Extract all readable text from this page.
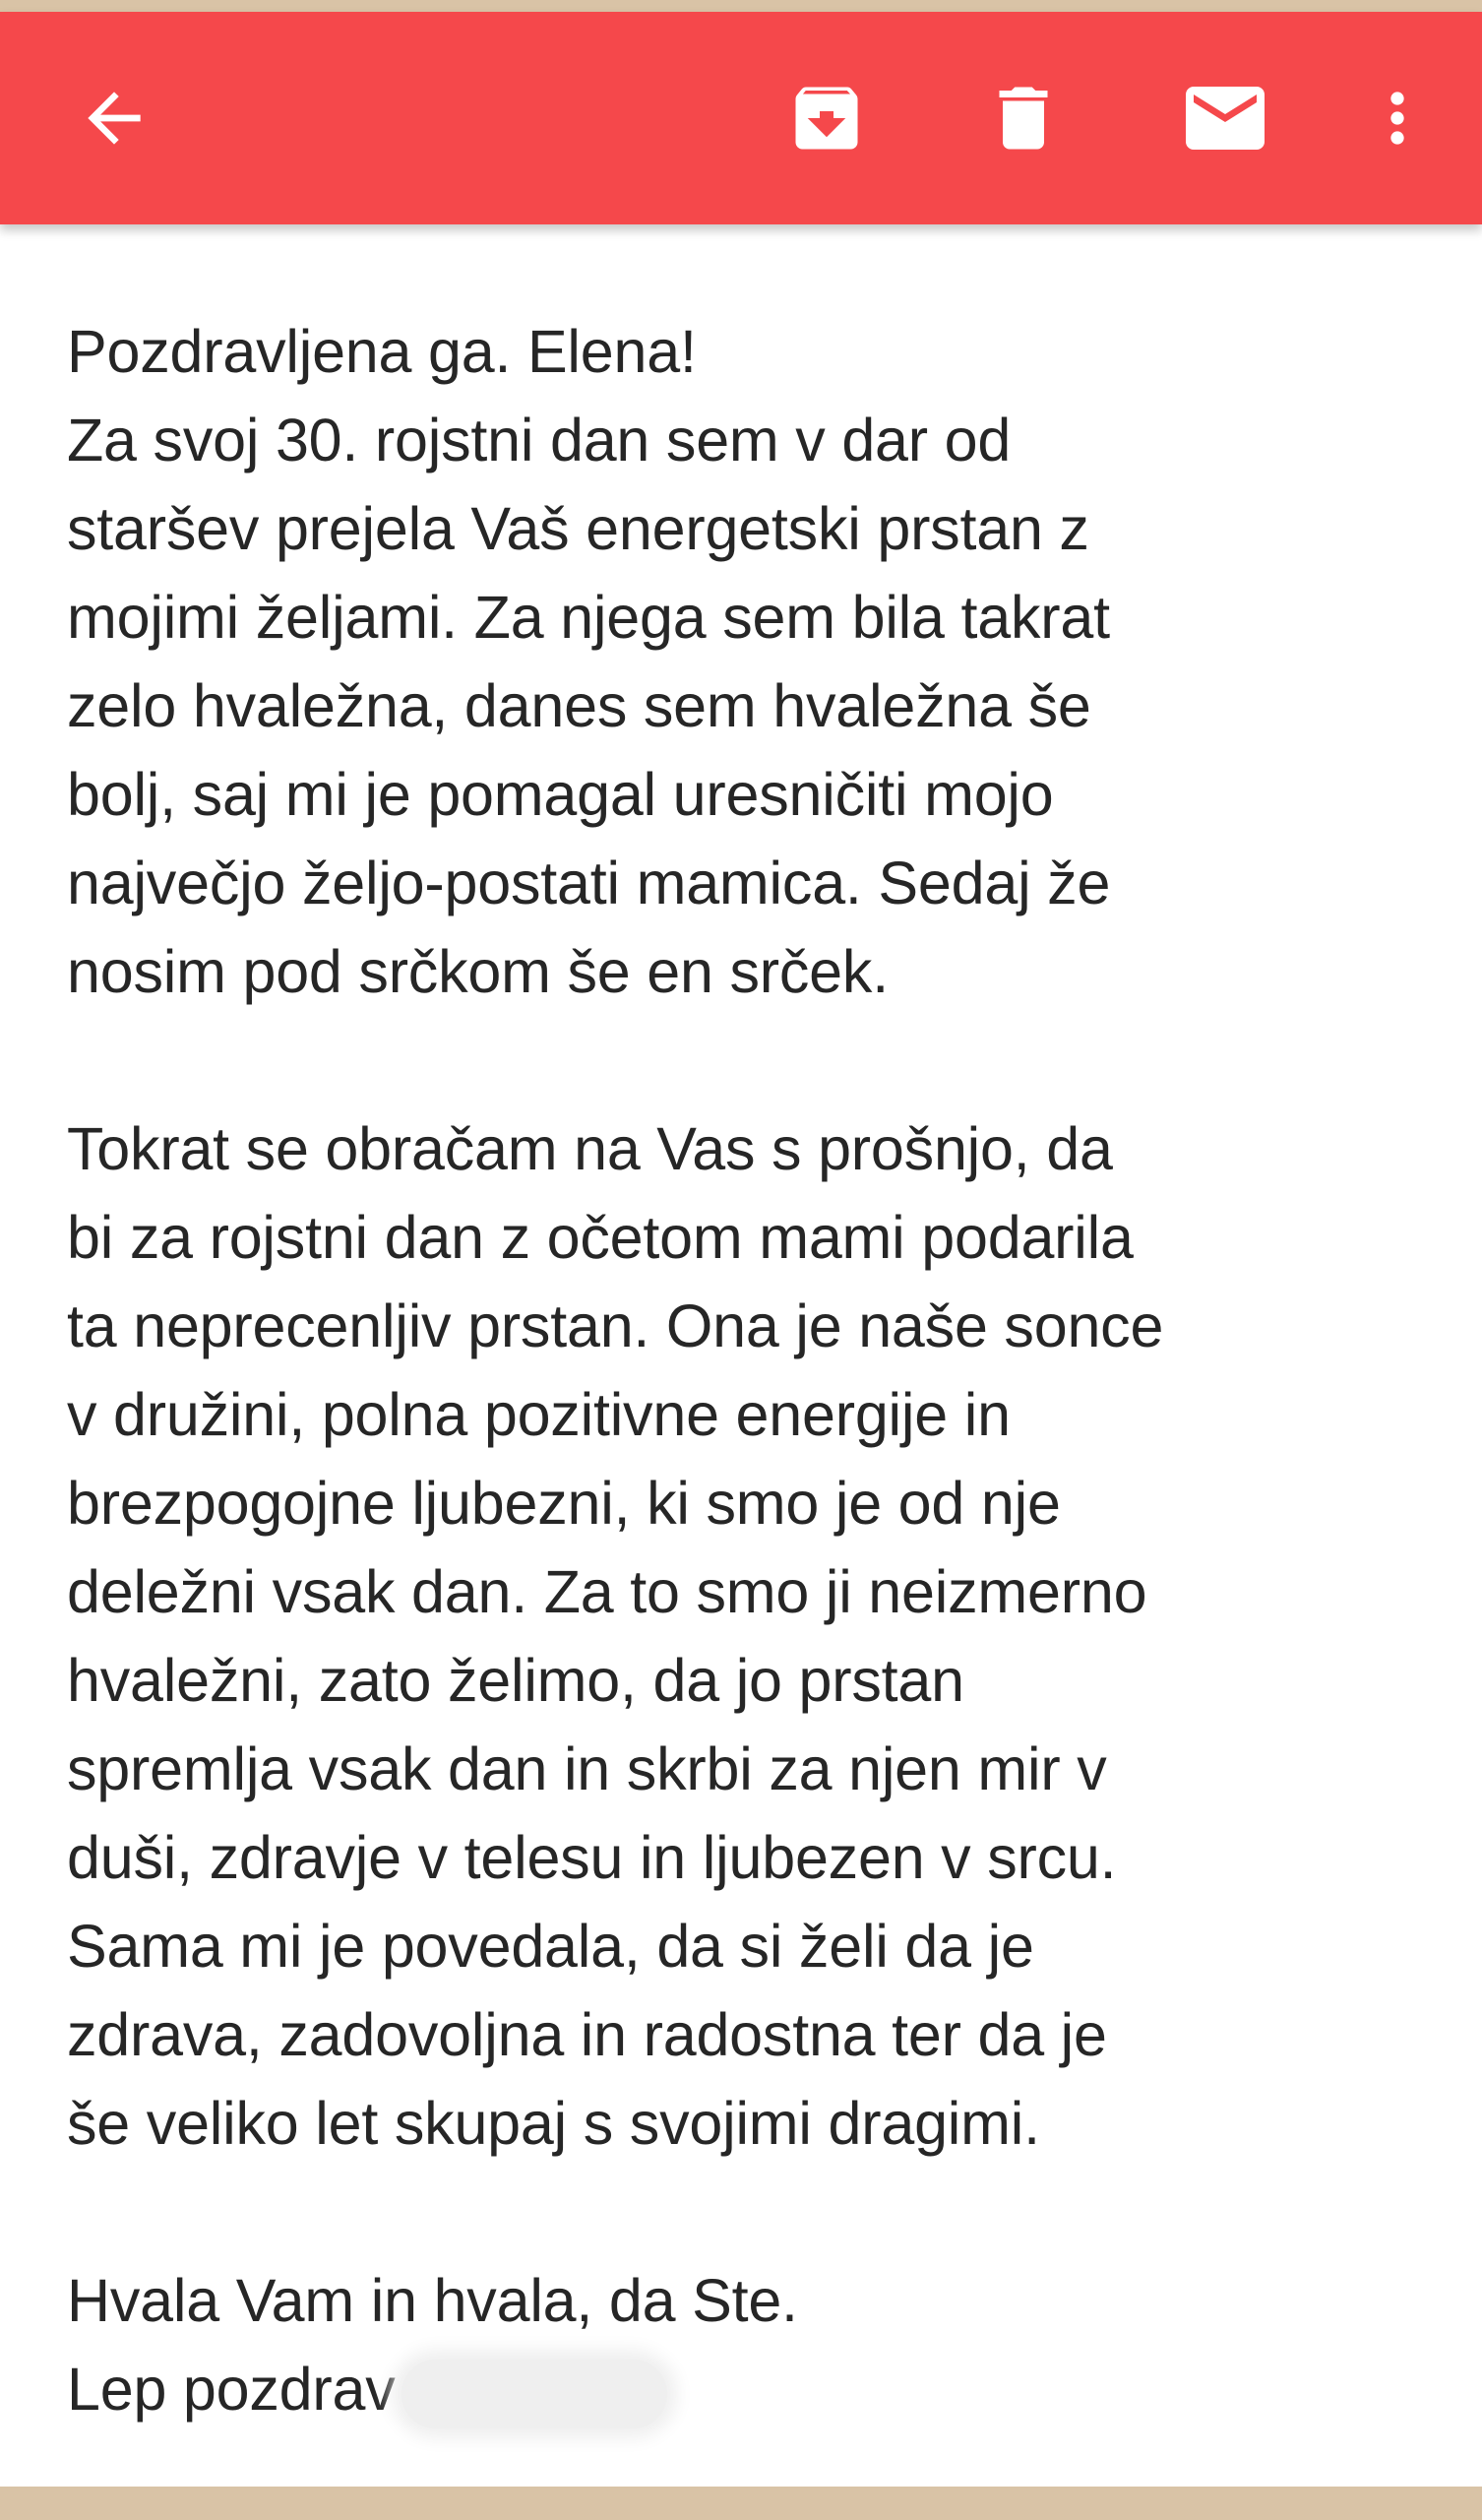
Pozdravljena ga. Elena!
Za svoj 30. rojstni dan sem v dar od
staršev prejela Vaš energetski prstan z
mojimi željami. Za njega sem bila takrat
zelo hvaležna, danes sem hvaležna še
bolj, saj mi je pomagal uresničiti mojo
največjo željo-postati mamica. Sedaj že
nosim pod srčkom še en srček.
Tokrat se obračam na Vas s prošnjo, da
bi za rojstni dan z očetom mami podarila
ta neprecenljiv prstan. Ona je naše sonce
v družini, polna pozitivne energije in
brezpogojne ljubezni, ki smo je od nje
deležni vsak dan. Za to smo ji neizmerno
hvaležni, zato želimo, da jo prstan
spremlja vsak dan in skrbi za njen mir v
duši, zdravje v telesu in ljubezen v srcu.
Sama mi je povedala, da si želi da je
zdrava, zadovoljna in radostna ter da je
še veliko let skupaj s svojimi dragimi.
Hvala Vam in hvala, da Ste.
Lep pozdrav
